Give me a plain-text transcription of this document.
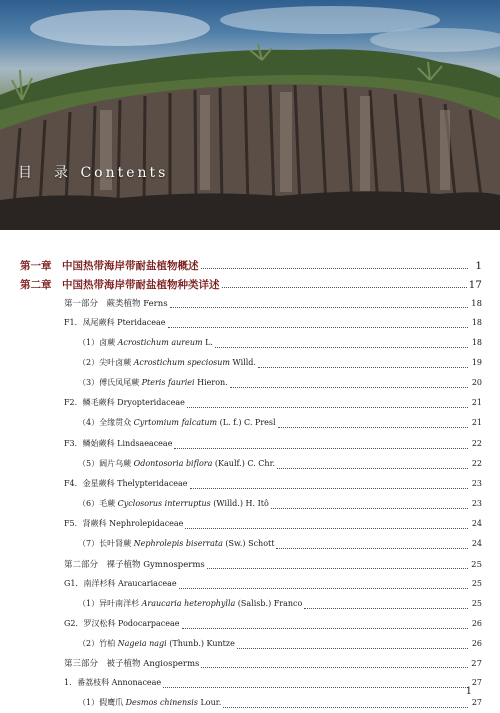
目　录 Contents
第一章　中国热带海岸带耐盐植物概述	1
第二章　中国热带海岸带耐盐植物种类详述	17
第一部分　蕨类植物 Ferns	18
F1．凤尾蕨科 Pteridaceae	18
（1）卤蕨 Acrostichum aureum L.	18
（2）尖叶卤蕨 Acrostichum speciosum Willd.	19
（3）傅氏凤尾蕨 Pteris fauriei Hieron.	20
F2．鳞毛蕨科 Dryopteridaceae	21
（4）全缘贯众 Cyrtomium falcatum (L. f.) C. Presl	21
F3．鳞始蕨科 Lindsaeaceae	22
（5）阔片乌蕨 Odontosoria biflora (Kaulf.) C. Chr.	22
F4．金星蕨科 Thelypteridaceae	23
（6）毛蕨 Cyclosorus interruptus (Willd.) H. Itô	23
F5．肾蕨科 Nephrolepidaceae	24
（7）长叶肾蕨 Nephrolepis biserrata (Sw.) Schott	24
第二部分　裸子植物 Gymnosperms	25
G1．南洋杉科 Araucariaceae	25
（1）异叶南洋杉 Araucaria heterophylla (Salisb.) Franco	25
G2．罗汉松科 Podocarpaceae	26
（2）竹柏 Nageia nagi (Thunb.) Kuntze	26
第三部分　被子植物 Angiosperms	27
1．番荔枝科 Annonaceae	27
（1）假鹰爪 Desmos chinensis Lour.	27
1
